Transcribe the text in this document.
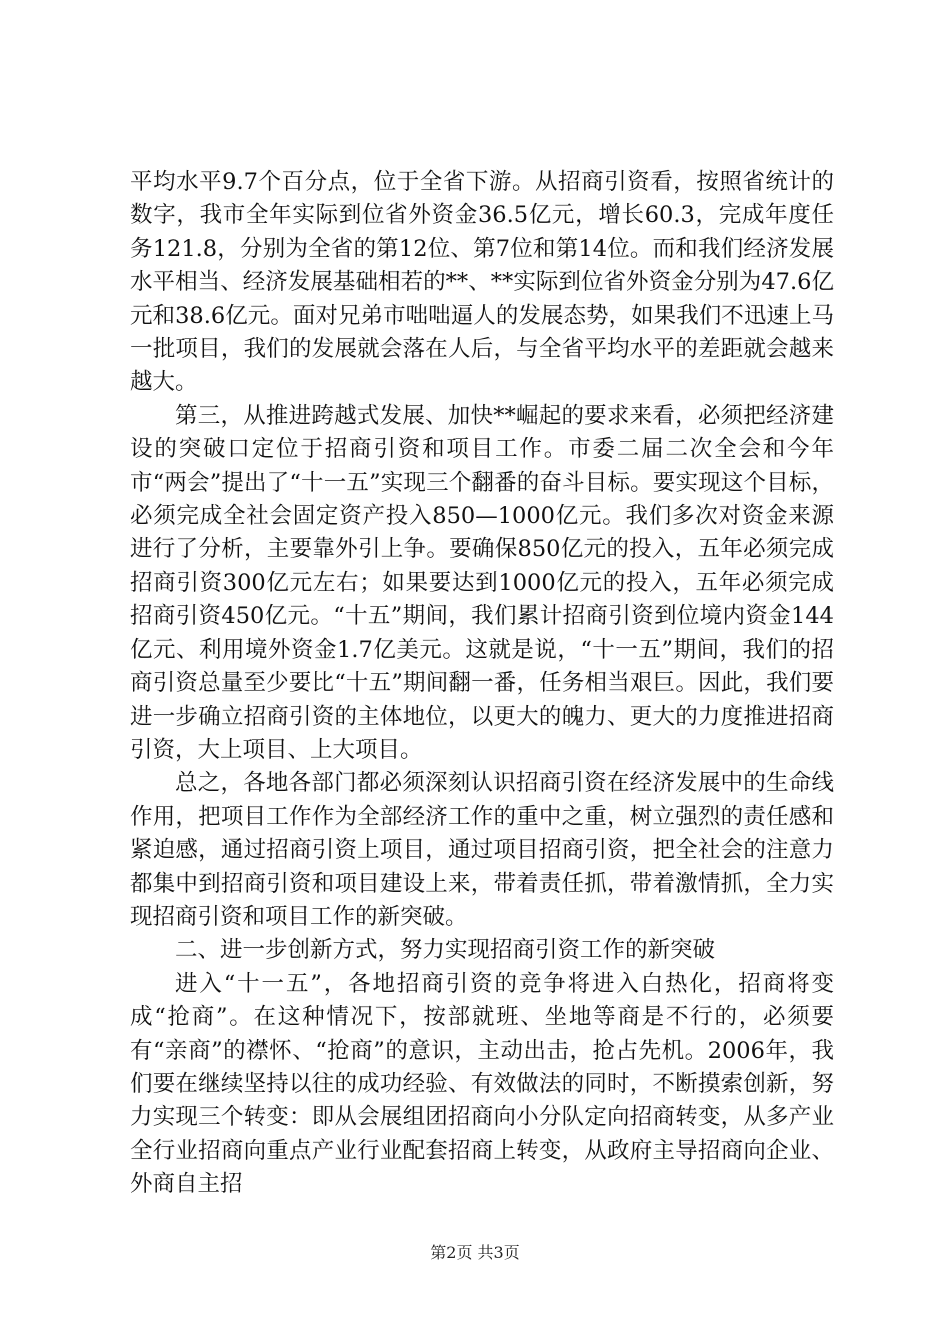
平均水平9.7个百分点，位于全省下游。从招商引资看，按照省统计的数字，我市全年实际到位省外资金36.5亿元，增长60.3，完成年度任务121.8，分别为全省的第12位、第7位和第14位。而和我们经济发展水平相当、经济发展基础相若的**、**实际到位省外资金分别为47.6亿元和38.6亿元。面对兄弟市咄咄逼人的发展态势，如果我们不迅速上马一批项目，我们的发展就会落在人后，与全省平均水平的差距就会越来越大。

第三，从推进跨越式发展、加快**崛起的要求来看，必须把经济建设的突破口定位于招商引资和项目工作。市委二届二次全会和今年市“两会”提出了“十一五”实现三个翻番的奋斗目标。要实现这个目标，必须完成全社会固定资产投入850—1000亿元。我们多次对资金来源进行了分析，主要靠外引上争。要确保850亿元的投入，五年必须完成招商引资300亿元左右；如果要达到1000亿元的投入，五年必须完成招商引资450亿元。“十五”期间，我们累计招商引资到位境内资金144亿元、利用境外资金1.7亿美元。这就是说，“十一五”期间，我们的招商引资总量至少要比“十五”期间翻一番，任务相当艰巨。因此，我们要进一步确立招商引资的主体地位，以更大的魄力、更大的力度推进招商引资，大上项目、上大项目。

总之，各地各部门都必须深刻认识招商引资在经济发展中的生命线作用，把项目工作作为全部经济工作的重中之重，树立强烈的责任感和紧迫感，通过招商引资上项目，通过项目招商引资，把全社会的注意力都集中到招商引资和项目建设上来，带着责任抓，带着激情抓，全力实现招商引资和项目工作的新突破。

二、进一步创新方式，努力实现招商引资工作的新突破

进入“十一五”，各地招商引资的竞争将进入白热化，招商将变成“抢商”。在这种情况下，按部就班、坐地等商是不行的，必须要有“亲商”的襟怀、“抢商”的意识，主动出击，抢占先机。2006年，我们要在继续坚持以往的成功经验、有效做法的同时，不断摸索创新，努力实现三个转变：即从会展组团招商向小分队定向招商转变，从多产业全行业招商向重点产业行业配套招商上转变，从政府主导招商向企业、外商自主招

第2页 共3页
